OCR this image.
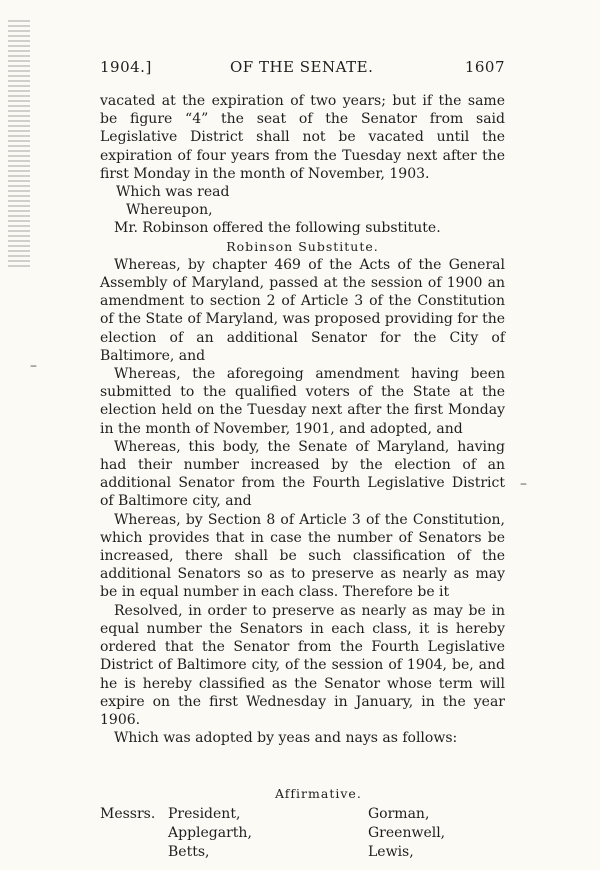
1904.]	OF THE SENATE.	1607

vacated at the expiration of two years; but if the same be figure “4” the seat of the Senator from said Legislative District shall not be vacated until the expiration of four years from the Tuesday next after the first Monday in the month of November, 1903.

Which was read

Whereupon,

Mr. Robinson offered the following substitute.

Robinson Substitute.

Whereas, by chapter 469 of the Acts of the General Assembly of Maryland, passed at the session of 1900 an amendment to section 2 of Article 3 of the Constitution of the State of Maryland, was proposed providing for the election of an additional Senator for the City of Baltimore, and

Whereas, the aforegoing amendment having been submitted to the qualified voters of the State at the election held on the Tuesday next after the first Monday in the month of November, 1901, and adopted, and

Whereas, this body, the Senate of Maryland, having had their number increased by the election of an additional Senator from the Fourth Legislative District of Baltimore city, and

Whereas, by Section 8 of Article 3 of the Constitution, which provides that in case the number of Senators be increased, there shall be such classification of the additional Senators so as to preserve as nearly as may be in equal number in each class. Therefore be it

Resolved, in order to preserve as nearly as may be in equal number the Senators in each class, it is hereby ordered that the Senator from the Fourth Legislative District of Baltimore city, of the session of 1904, be, and he is hereby classified as the Senator whose term will expire on the first Wednesday in January, in the year 1906.

Which was adopted by yeas and nays as follows:

Affirmative.
Messrs. President,	Gorman,
Applegarth,	Greenwell,
Betts,	Lewis,
–
–
